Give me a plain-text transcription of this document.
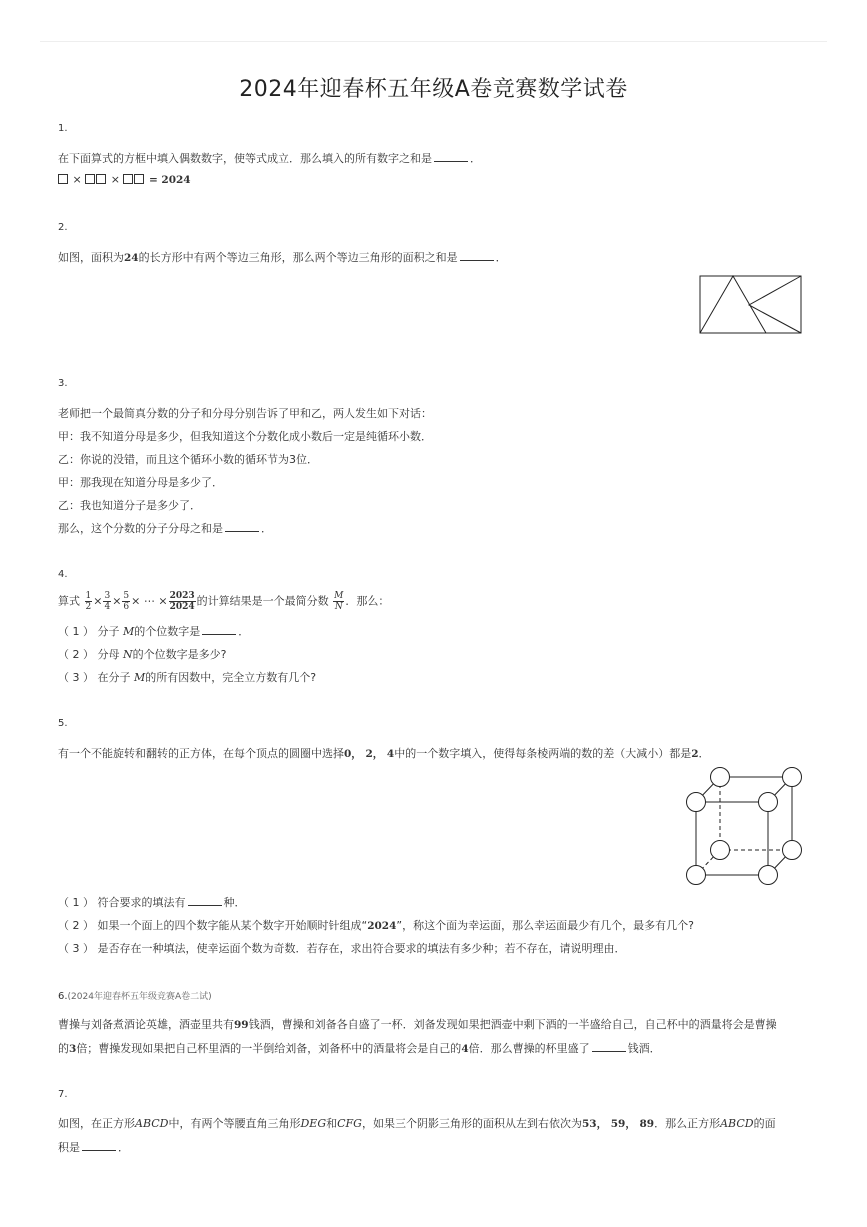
2024年迎春杯五年级A卷竞赛数学试卷
1.
在下面算式的方框中填入偶数数字，使等式成立．那么填入的所有数字之和是	．
×	×	= 2024
2.
如图，面积为24的长方形中有两个等边三角形，那么两个等边三角形的面积之和是	．
3.
老师把一个最简真分数的分子和分母分别告诉了甲和乙，两人发生如下对话：
甲：我不知道分母是多少，但我知道这个分数化成小数后一定是纯循环小数．
乙：你说的没错，而且这个循环小数的循环节为3位．
甲：那我现在知道分母是多少了．
乙：我也知道分子是多少了．
那么，这个分数的分子分母之和是	．
4.
算式 $\frac{1}{2} \times \frac{3}{4} \times \frac{5}{6}$ × ⋯ × $\frac{2023}{2024}$ 的计算结果是一个最简分数 $\frac{M}{N}$ ．那么：
（ 1 ） 分子 M的个位数字是	．
（ 2 ） 分母 N的个位数字是多少?
（ 3 ） 在分子 M的所有因数中，完全立方数有几个?
5.
有一个不能旋转和翻转的正方体，在每个顶点的圆圈中选择0， 2， 4中的一个数字填入，使得每条棱两端的数的差（大减小）都是2．
（ 1 ） 符合要求的填法有	种．
（ 2 ） 如果一个面上的四个数字能从某个数字开始顺时针组成“2024”，称这个面为幸运面，那么幸运面最少有几个，最多有几个?
（ 3 ） 是否存在一种填法，使幸运面个数为奇数．若存在，求出符合要求的填法有多少种；若不存在，请说明理由．
6.(2024年迎春杯五年级竞赛A卷二试)
曹操与刘备煮酒论英雄，酒壶里共有99钱酒，曹操和刘备各自盛了一杯．刘备发现如果把酒壶中剩下酒的一半盛给自己，自己杯中的酒量将会是曹操
的3倍；曹操发现如果把自己杯里酒的一半倒给刘备，刘备杯中的酒量将会是自己的4倍．那么曹操的杯里盛了	钱酒．
7.
如图，在正方形ABCD中，有两个等腰直角三角形DEG和CFG，如果三个阴影三角形的面积从左到右依次为53， 59， 89．那么正方形ABCD的面
积是	．
